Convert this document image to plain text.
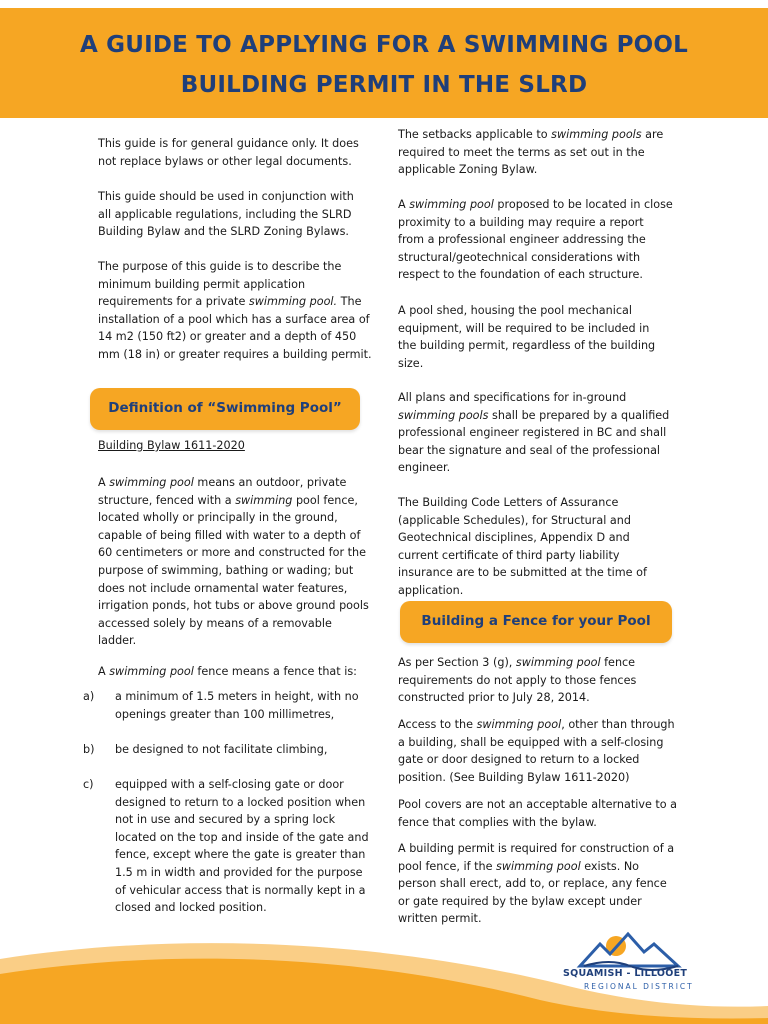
A GUIDE TO APPLYING FOR A SWIMMING POOL
BUILDING PERMIT IN THE SLRD

This guide is for general guidance only. It does not replace bylaws or other legal documents.

This guide should be used in conjunction with all applicable regulations, including the SLRD Building Bylaw and the SLRD Zoning Bylaws.

The purpose of this guide is to describe the minimum building permit application requirements for a private swimming pool. The installation of a pool which has a surface area of 14 m2 (150 ft2) or greater and a depth of 450 mm (18 in) or greater requires a building permit.

Building Bylaw 1611-2020

A swimming pool means an outdoor, private structure, fenced with a swimming pool fence, located wholly or principally in the ground, capable of being filled with water to a depth of 60 centimeters or more and constructed for the purpose of swimming, bathing or wading; but does not include ornamental water features, irrigation ponds, hot tubs or above ground pools accessed solely by means of a removable ladder.

A swimming pool fence means a fence that is:

Definition of “Swimming Pool”
a) a minimum of 1.5 meters in height, with no openings greater than 100 millimetres,
b) be designed to not facilitate climbing,
c) equipped with a self-closing gate or door designed to return to a locked position when not in use and secured by a spring lock located on the top and inside of the gate and fence, except where the gate is greater than 1.5 m in width and provided for the purpose of vehicular access that is normally kept in a closed and locked position.

The setbacks applicable to swimming pools are required to meet the terms as set out in the applicable Zoning Bylaw.

A swimming pool proposed to be located in close proximity to a building may require a report from a professional engineer addressing the structural/geotechnical considerations with respect to the foundation of each structure.

A pool shed, housing the pool mechanical equipment, will be required to be included in the building permit, regardless of the building size.

All plans and specifications for in-ground swimming pools shall be prepared by a qualified professional engineer registered in BC and shall bear the signature and seal of the professional engineer.

The Building Code Letters of Assurance (applicable Schedules), for Structural and Geotechnical disciplines, Appendix D and current certificate of third party liability insurance are to be submitted at the time of application.

As per Section 3 (g), swimming pool fence requirements do not apply to those fences constructed prior to July 28, 2014.

Access to the swimming pool, other than through a building, shall be equipped with a self-closing gate or door designed to return to a locked position. (See Building Bylaw 1611-2020)

Pool covers are not an acceptable alternative to a fence that complies with the bylaw.

A building permit is required for construction of a pool fence, if the swimming pool exists. No person shall erect, add to, or replace, any fence or gate required by the bylaw except under written permit.

Building a Fence for your Pool
SQUAMISH - LILLOOET
REGIONAL DISTRICT
